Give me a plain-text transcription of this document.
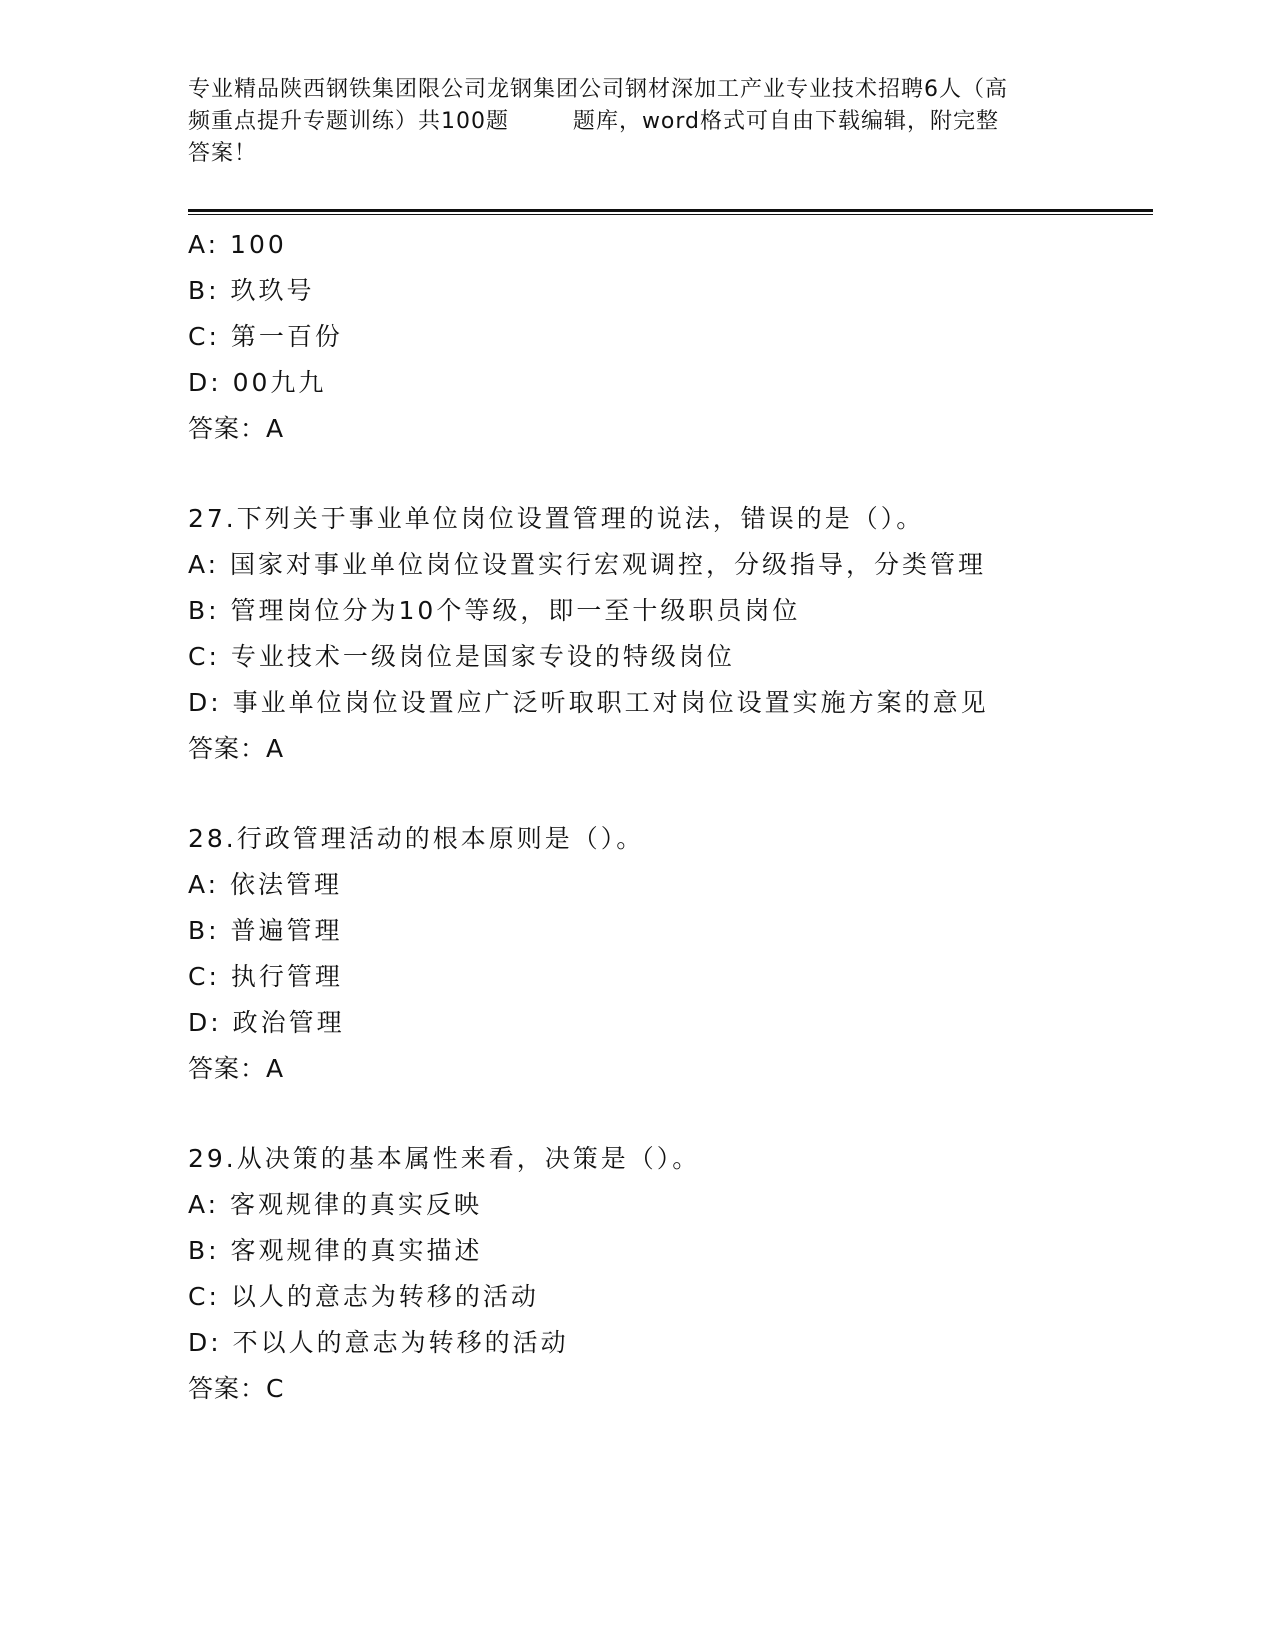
专业精品陕西钢铁集团限公司龙钢集团公司钢材深加工产业专业技术招聘6人（高
频重点提升专题训练）共100题        题库，word格式可自由下载编辑，附完整
答案！
A: 100
B: 玖玖号
C: 第一百份
D: 00九九
答案：A
27.下列关于事业单位岗位设置管理的说法，错误的是（）。
A: 国家对事业单位岗位设置实行宏观调控，分级指导，分类管理
B: 管理岗位分为10个等级，即一至十级职员岗位
C: 专业技术一级岗位是国家专设的特级岗位
D: 事业单位岗位设置应广泛听取职工对岗位设置实施方案的意见
答案：A
28.行政管理活动的根本原则是（）。
A: 依法管理
B: 普遍管理
C: 执行管理
D: 政治管理
答案：A
29.从决策的基本属性来看，决策是（）。
A: 客观规律的真实反映
B: 客观规律的真实描述
C: 以人的意志为转移的活动
D: 不以人的意志为转移的活动
答案：C
